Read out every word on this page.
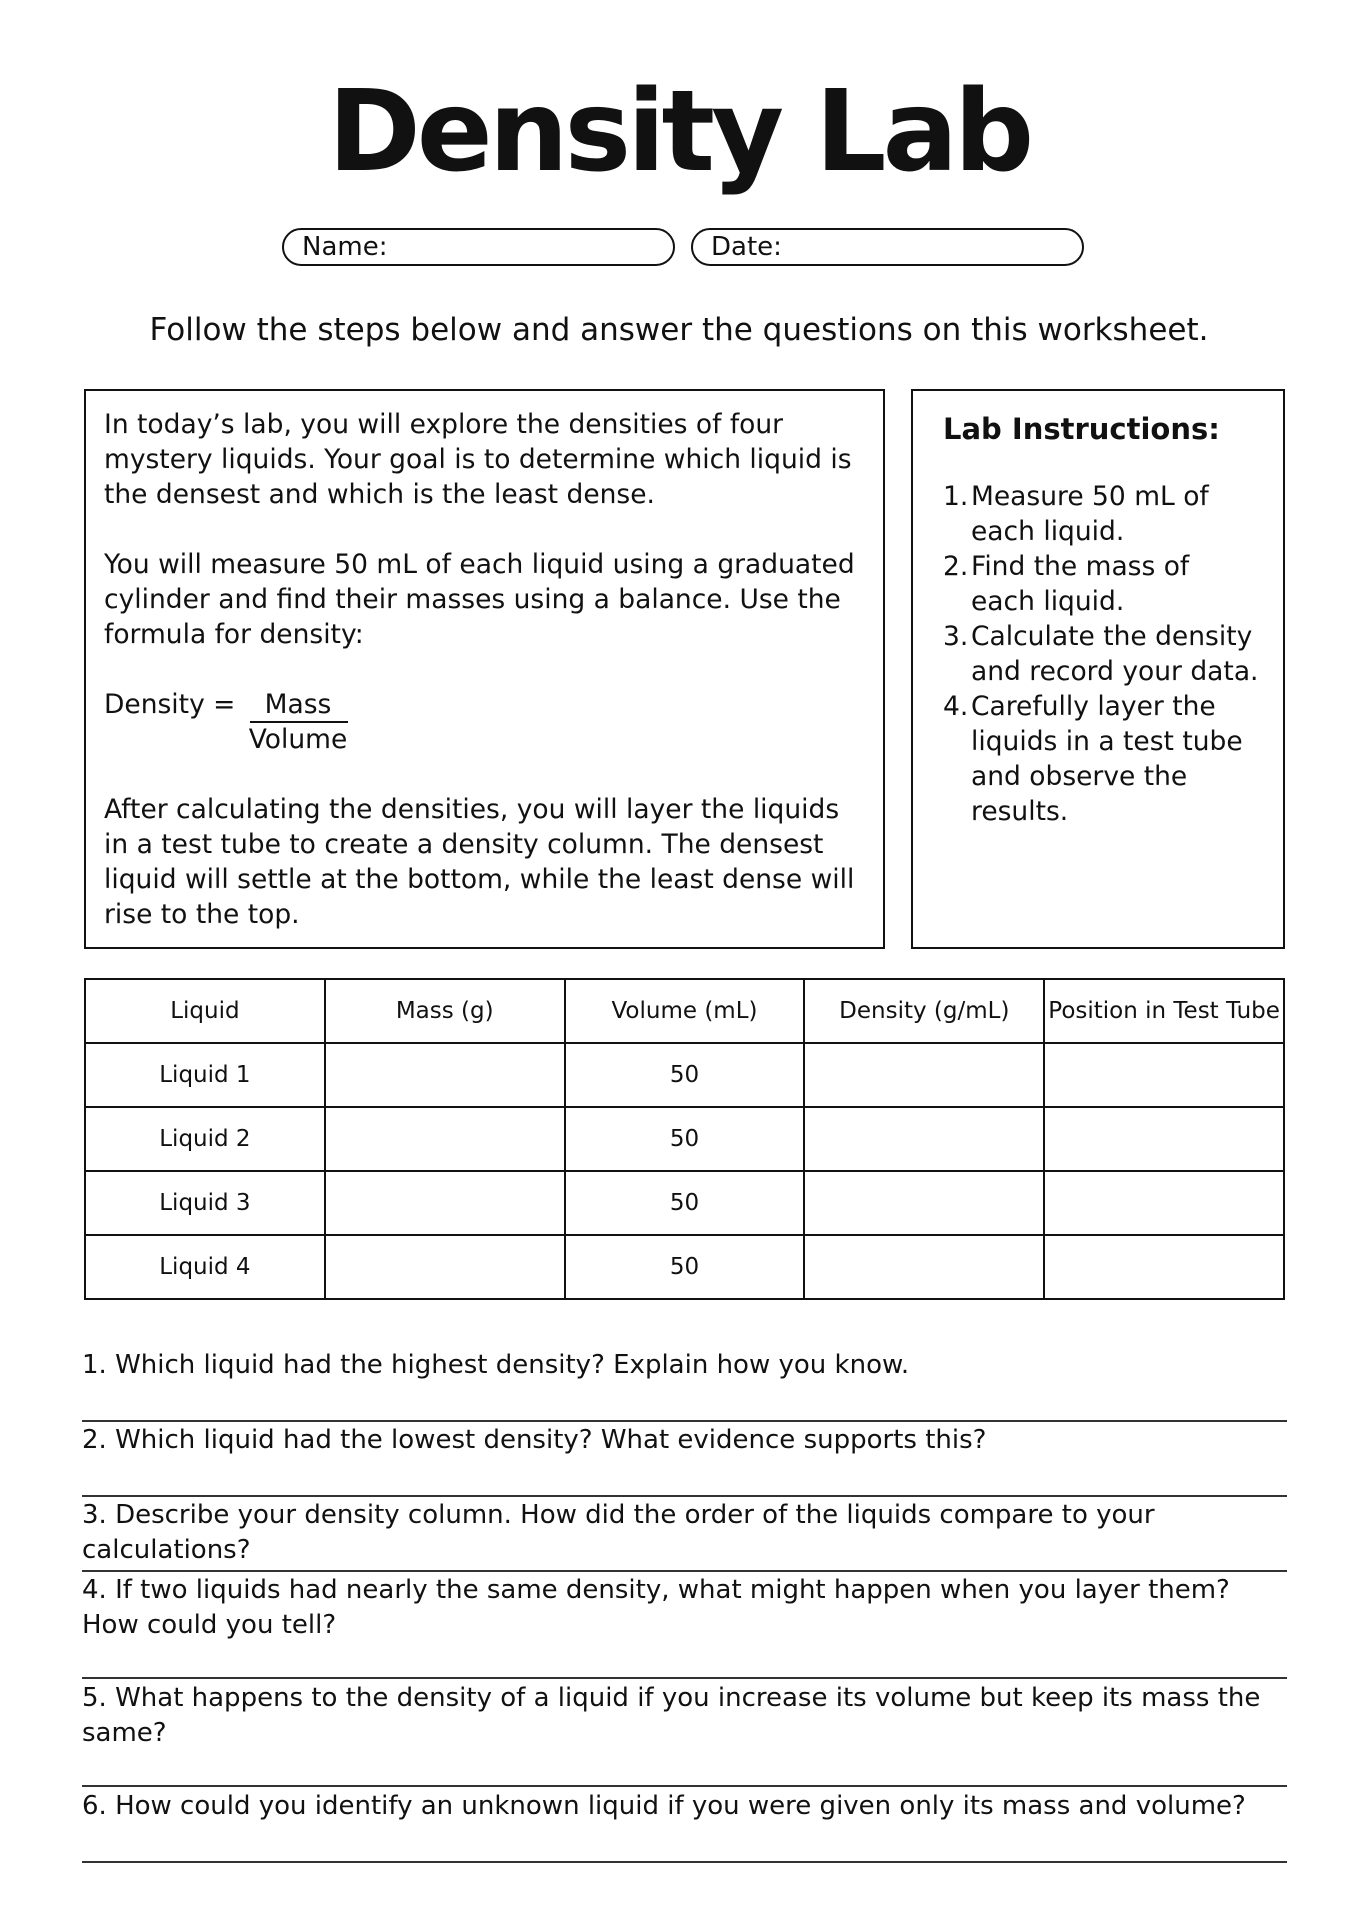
Density Lab
Name:	Date:
Follow the steps below and answer the questions on this worksheet.

In today’s lab, you will explore the densities of four mystery liquids. Your goal is to determine which liquid is the densest and which is the least dense.

You will measure 50 mL of each liquid using a graduated cylinder and find their masses using a balance. Use the formula for density:

Density =	Mass
Volume

After calculating the densities, you will layer the liquids in a test tube to create a density column. The densest liquid will settle at the bottom, while the least dense will rise to the top.

Lab Instructions:
1. Measure 50 mL of each liquid.
2. Find the mass of each liquid.
3. Calculate the density and record your data.
4. Carefully layer the liquids in a test tube and observe the results.
Liquid	Mass (g)	Volume (mL)	Density (g/mL)	Position in Test Tube
Liquid 1		50		
Liquid 2		50		
Liquid 3		50		
Liquid 4		50		
1. Which liquid had the highest density? Explain how you know.
2. Which liquid had the lowest density? What evidence supports this?
3. Describe your density column. How did the order of the liquids compare to your calculations?
4. If two liquids had nearly the same density, what might happen when you layer them? How could you tell?
5. What happens to the density of a liquid if you increase its volume but keep its mass the same?
6. How could you identify an unknown liquid if you were given only its mass and volume?
